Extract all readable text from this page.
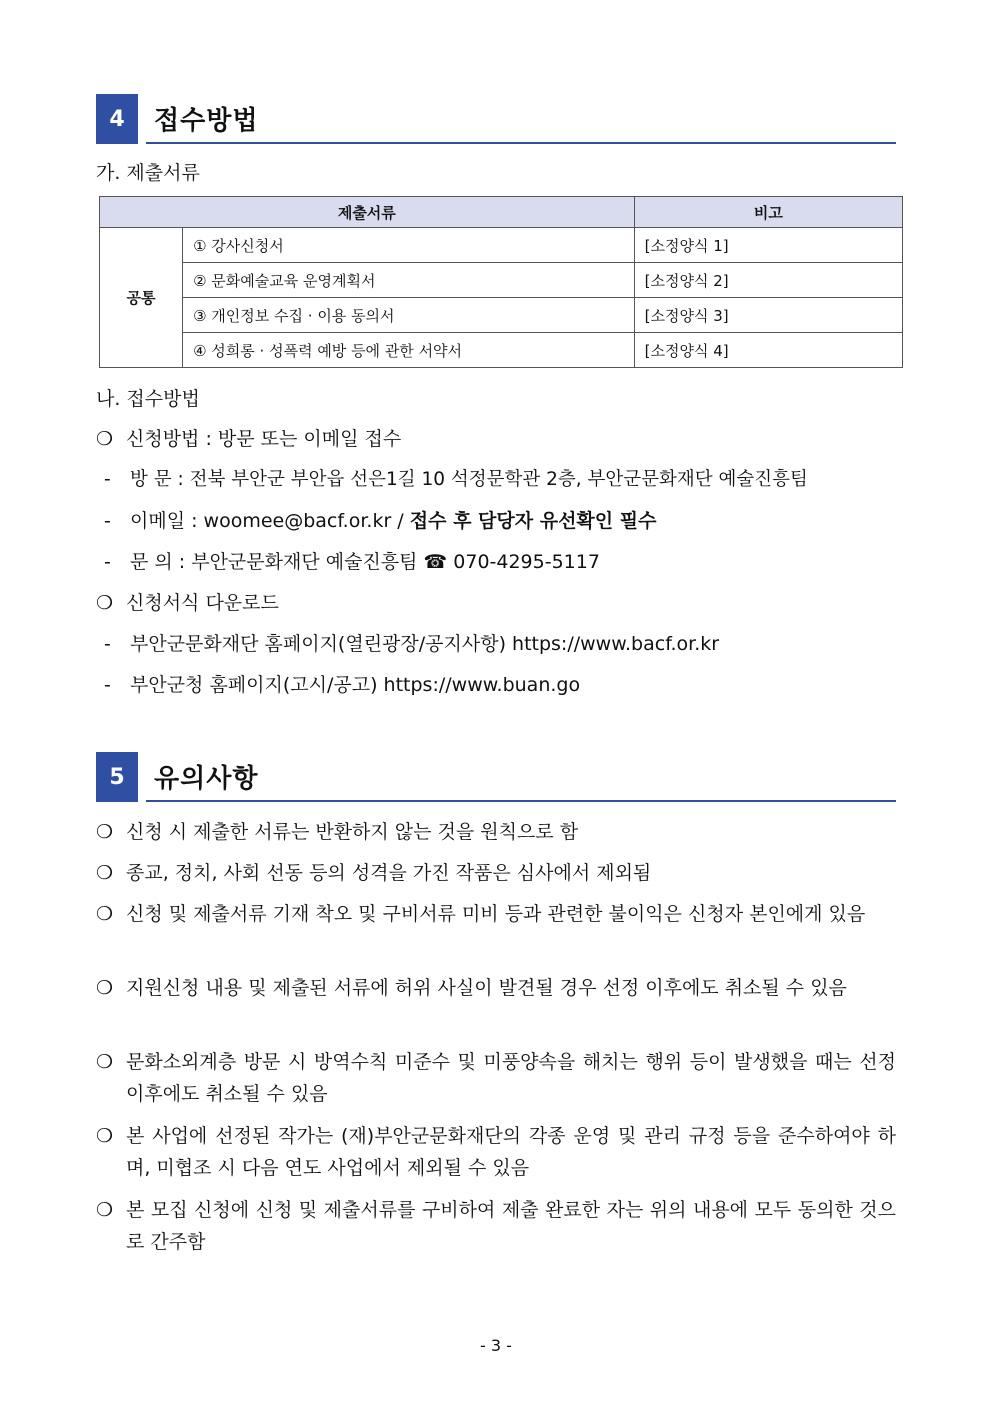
4	접수방법
가. 제출서류
제출서류		비고
공통	① 강사신청서	[소정양식 1]
	② 문화예술교육 운영계획서	[소정양식 2]
	③ 개인정보 수집 · 이용 동의서	[소정양식 3]
	④ 성희롱 · 성폭력 예방 등에 관한 서약서	[소정양식 4]
나. 접수방법
❍ 신청방법 : 방문 또는 이메일 접수
- 방 문 : 전북 부안군 부안읍 선은1길 10 석정문학관 2층, 부안군문화재단 예술진흥팀
- 이메일 : woomee@bacf.or.kr / 접수 후 담당자 유선확인 필수
- 문 의 : 부안군문화재단 예술진흥팀 ☎ 070-4295-5117
❍ 신청서식 다운로드
- 부안군문화재단 홈페이지(열린광장/공지사항) https://www.bacf.or.kr
- 부안군청 홈페이지(고시/공고) https://www.buan.go
5	유의사항
❍ 신청 시 제출한 서류는 반환하지 않는 것을 원칙으로 함
❍ 종교, 정치, 사회 선동 등의 성격을 가진 작품은 심사에서 제외됨
❍ 신청 및 제출서류 기재 착오 및 구비서류 미비 등과 관련한 불이익은 신청자 본인에게 있음
❍ 지원신청 내용 및 제출된 서류에 허위 사실이 발견될 경우 선정 이후에도 취소될 수 있음
❍ 문화소외계층 방문 시 방역수칙 미준수 및 미풍양속을 해치는 행위 등이 발생했을 때는 선정 이후에도 취소될 수 있음
❍ 본 사업에 선정된 작가는 (재)부안군문화재단의 각종 운영 및 관리 규정 등을 준수하여야 하며, 미협조 시 다음 연도 사업에서 제외될 수 있음
❍ 본 모집 신청에 신청 및 제출서류를 구비하여 제출 완료한 자는 위의 내용에 모두 동의한 것으로 간주함
- 3 -
